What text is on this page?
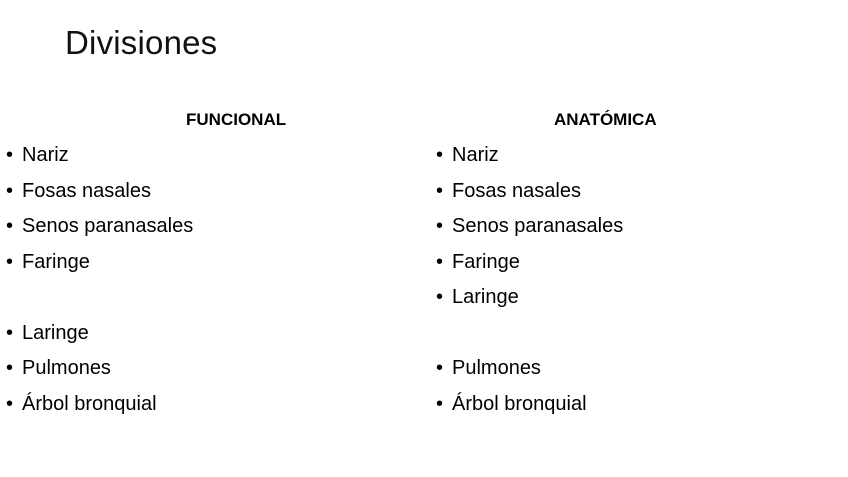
Divisiones
FUNCIONAL
• Nariz
• Fosas nasales
• Senos paranasales
• Faringe
• Laringe
• Pulmones
• Árbol bronquial
ANATÓMICA
• Nariz
• Fosas nasales
• Senos paranasales
• Faringe
• Laringe
• Pulmones
• Árbol bronquial
